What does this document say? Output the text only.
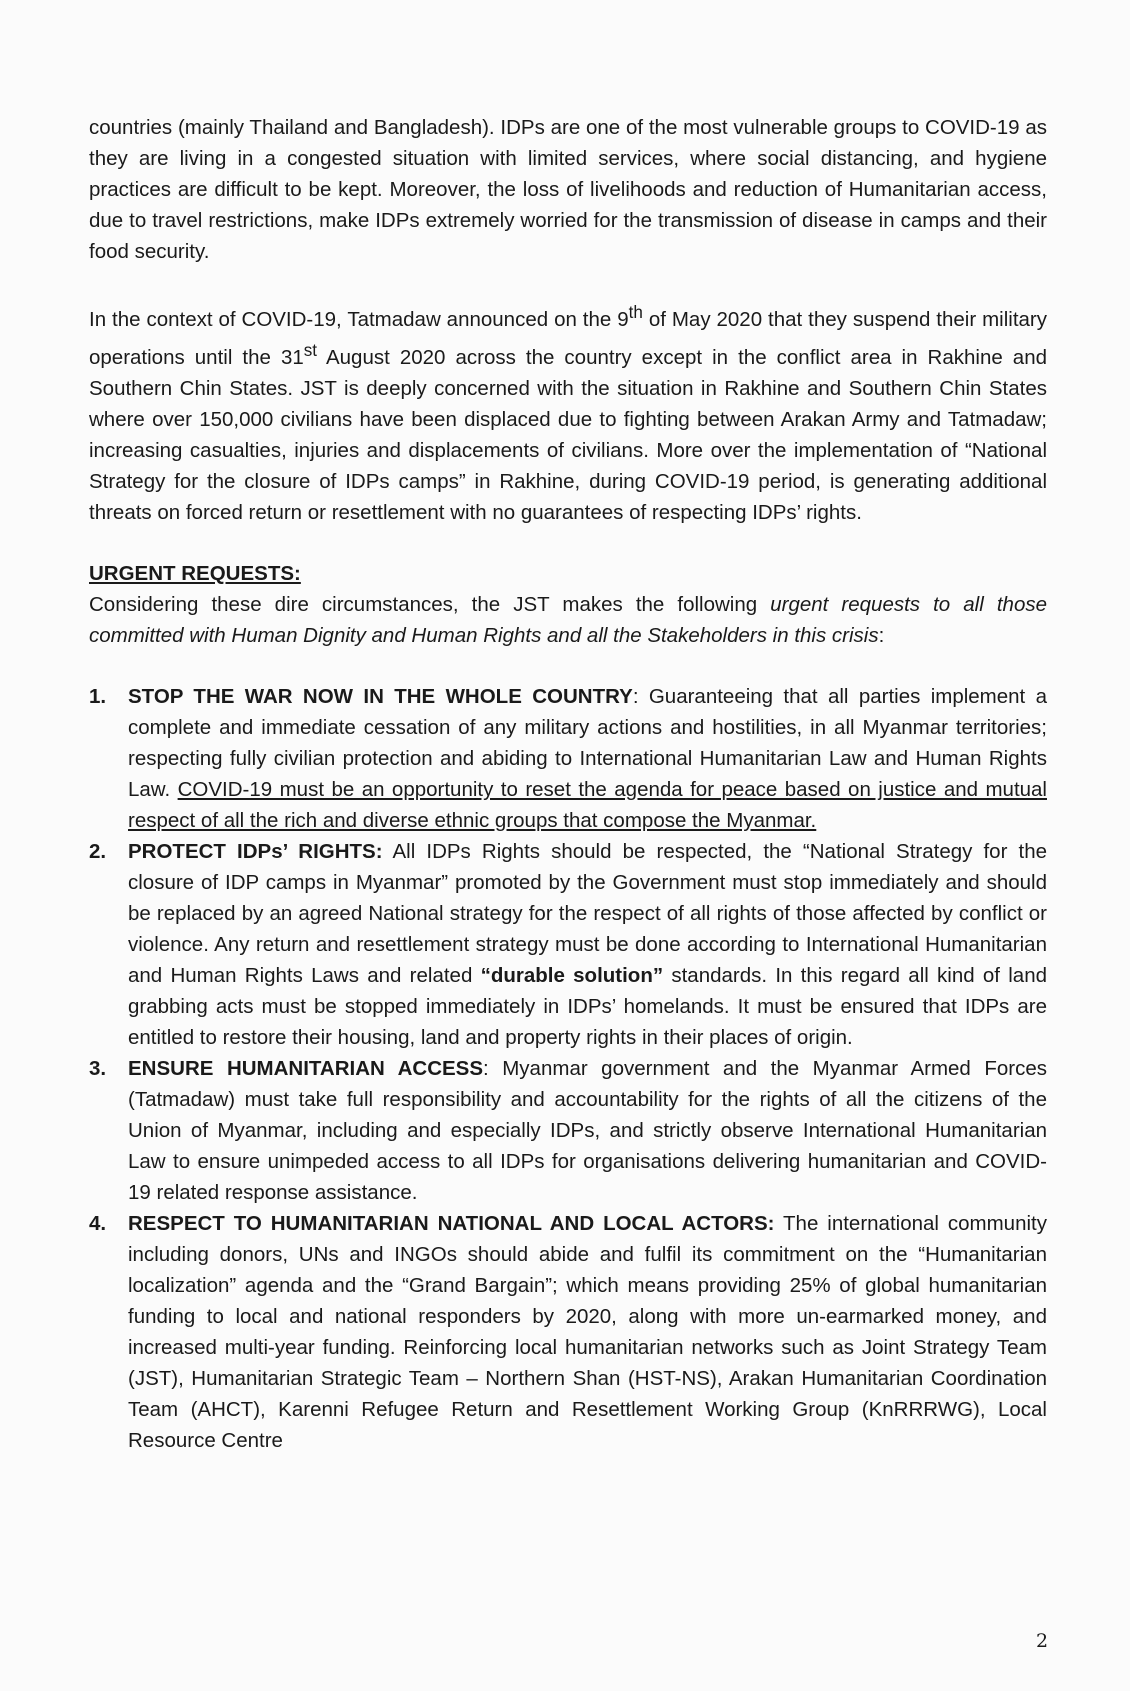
countries (mainly Thailand and Bangladesh). IDPs are one of the most vulnerable groups to COVID-19 as they are living in a congested situation with limited services, where social distancing, and hygiene practices are difficult to be kept. Moreover, the loss of livelihoods and reduction of Humanitarian access, due to travel restrictions, make IDPs extremely worried for the transmission of disease in camps and their food security.

In the context of COVID-19, Tatmadaw announced on the 9th of May 2020 that they suspend their military operations until the 31st August 2020 across the country except in the conflict area in Rakhine and Southern Chin States. JST is deeply concerned with the situation in Rakhine and Southern Chin States where over 150,000 civilians have been displaced due to fighting between Arakan Army and Tatmadaw; increasing casualties, injuries and displacements of civilians. More over the implementation of “National Strategy for the closure of IDPs camps” in Rakhine, during COVID-19 period, is generating additional threats on forced return or resettlement with no guarantees of respecting IDPs’ rights.

URGENT REQUESTS:

Considering these dire circumstances, the JST makes the following urgent requests to all those committed with Human Dignity and Human Rights and all the Stakeholders in this crisis:

1. STOP THE WAR NOW IN THE WHOLE COUNTRY: Guaranteeing that all parties implement a complete and immediate cessation of any military actions and hostilities, in all Myanmar territories; respecting fully civilian protection and abiding to International Humanitarian Law and Human Rights Law. COVID-19 must be an opportunity to reset the agenda for peace based on justice and mutual respect of all the rich and diverse ethnic groups that compose the Myanmar.
2. PROTECT IDPs’ RIGHTS: All IDPs Rights should be respected, the “National Strategy for the closure of IDP camps in Myanmar” promoted by the Government must stop immediately and should be replaced by an agreed National strategy for the respect of all rights of those affected by conflict or violence. Any return and resettlement strategy must be done according to International Humanitarian and Human Rights Laws and related “durable solution” standards. In this regard all kind of land grabbing acts must be stopped immediately in IDPs’ homelands. It must be ensured that IDPs are entitled to restore their housing, land and property rights in their places of origin.
3. ENSURE HUMANITARIAN ACCESS: Myanmar government and the Myanmar Armed Forces (Tatmadaw) must take full responsibility and accountability for the rights of all the citizens of the Union of Myanmar, including and especially IDPs, and strictly observe International Humanitarian Law to ensure unimpeded access to all IDPs for organisations delivering humanitarian and COVID-19 related response assistance.
4. RESPECT TO HUMANITARIAN NATIONAL AND LOCAL ACTORS: The international community including donors, UNs and INGOs should abide and fulfil its commitment on the “Humanitarian localization” agenda and the “Grand Bargain”; which means providing 25% of global humanitarian funding to local and national responders by 2020, along with more un-earmarked money, and increased multi-year funding. Reinforcing local humanitarian networks such as Joint Strategy Team (JST), Humanitarian Strategic Team – Northern Shan (HST-NS), Arakan Humanitarian Coordination Team (AHCT), Karenni Refugee Return and Resettlement Working Group (KnRRRWG), Local Resource Centre
2
